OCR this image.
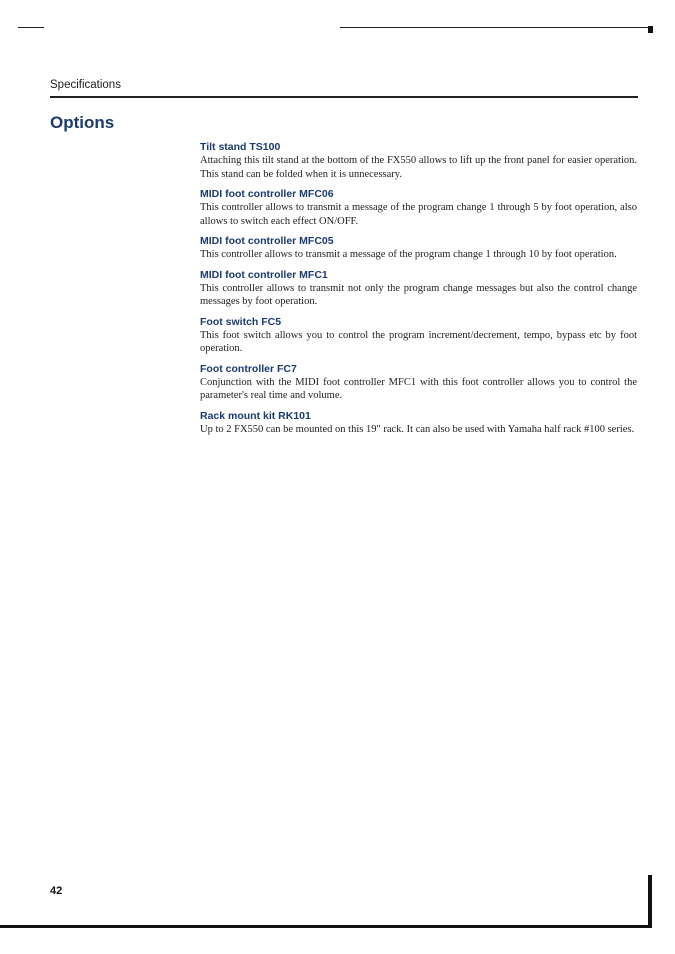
Specifications
Options

Tilt stand TS100

Attaching this tilt stand at the bottom of the FX550 allows to lift up the front panel for easier operation. This stand can be folded when it is unnecessary.

MIDI foot controller MFC06

This controller allows to transmit a message of the program change 1 through 5 by foot operation, also allows to switch each effect ON/OFF.

MIDI foot controller MFC05

This controller allows to transmit a message of the program change 1 through 10 by foot operation.

MIDI foot controller MFC1

This controller allows to transmit not only the program change messages but also the control change messages by foot operation.

Foot switch FC5

This foot switch allows you to control the program increment/decrement, tempo, bypass etc by foot operation.

Foot controller FC7

Conjunction with the MIDI foot controller MFC1 with this foot controller allows you to control the parameter's real time and volume.

Rack mount kit RK101

Up to 2 FX550 can be mounted on this 19" rack. It can also be used with Yamaha half rack #100 series.

42
